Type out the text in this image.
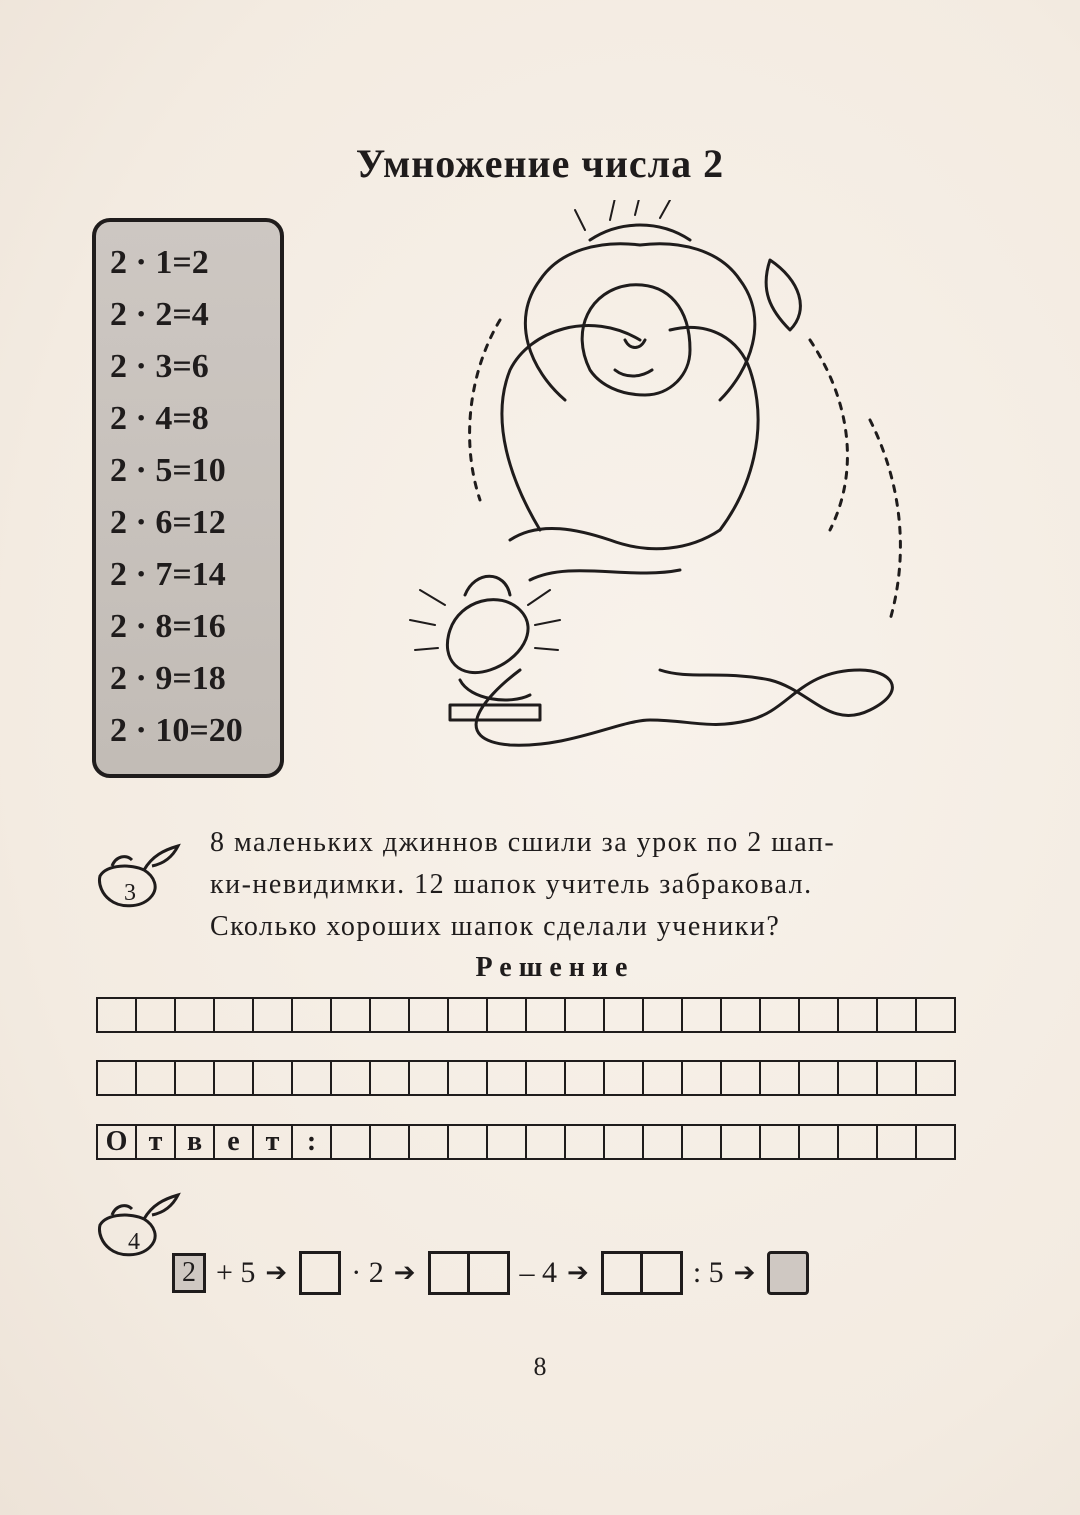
Умножение числа 2
2 · 1=2
2 · 2=4
2 · 3=6
2 · 4=8
2 · 5=10
2 · 6=12
2 · 7=14
2 · 8=16
2 · 9=18
2 · 10=20
3
8 маленьких джиннов сшили за урок по 2 шап-
ки-невидимки. 12 шапок учитель забраковал.
Сколько хороших шапок сделали ученики?
Решение
О т в е т :
4
2 + 5 ➔ · 2 ➔	– 4 ➔	: 5 ➔
8
